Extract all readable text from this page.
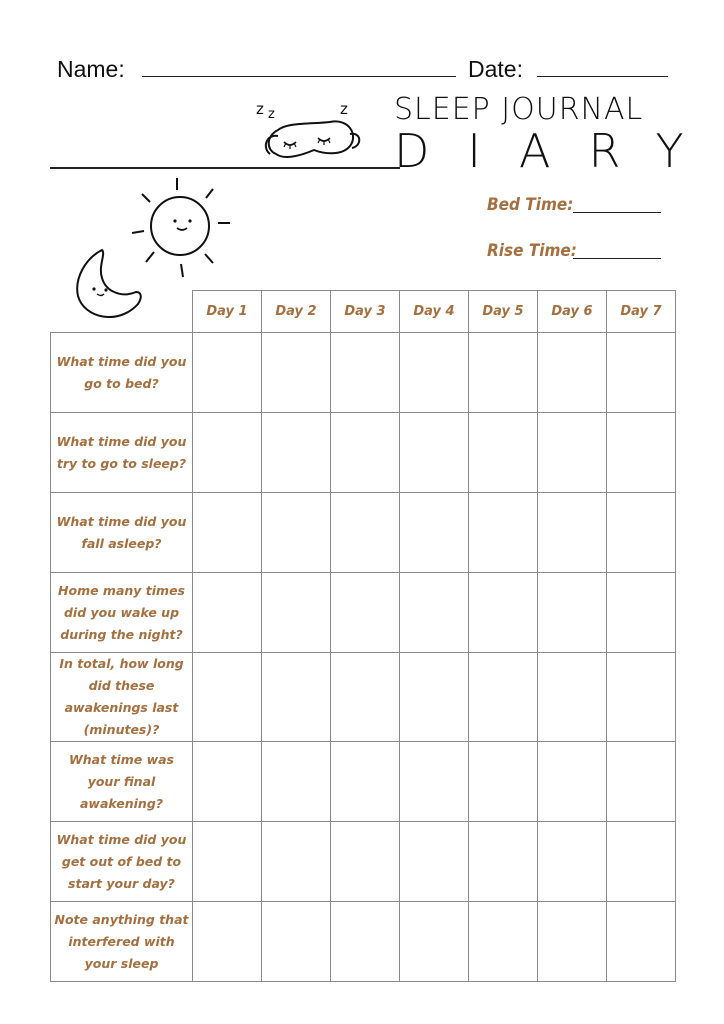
Name:	Date:
z z	z SLEEP JOURNAL
DIARY
Bed Time:
Rise Time:
	Day 1	Day 2	Day 3	Day 4	Day 5	Day 6	Day 7
What time did you go to bed?							
What time did you try to go to sleep?							
What time did you fall asleep?							
Home many times did you wake up during the night?							
In total, how long did these awakenings last (minutes)?							
What time was your final awakening?							
What time did you get out of bed to start your day?							
Note anything that interfered with your sleep							
